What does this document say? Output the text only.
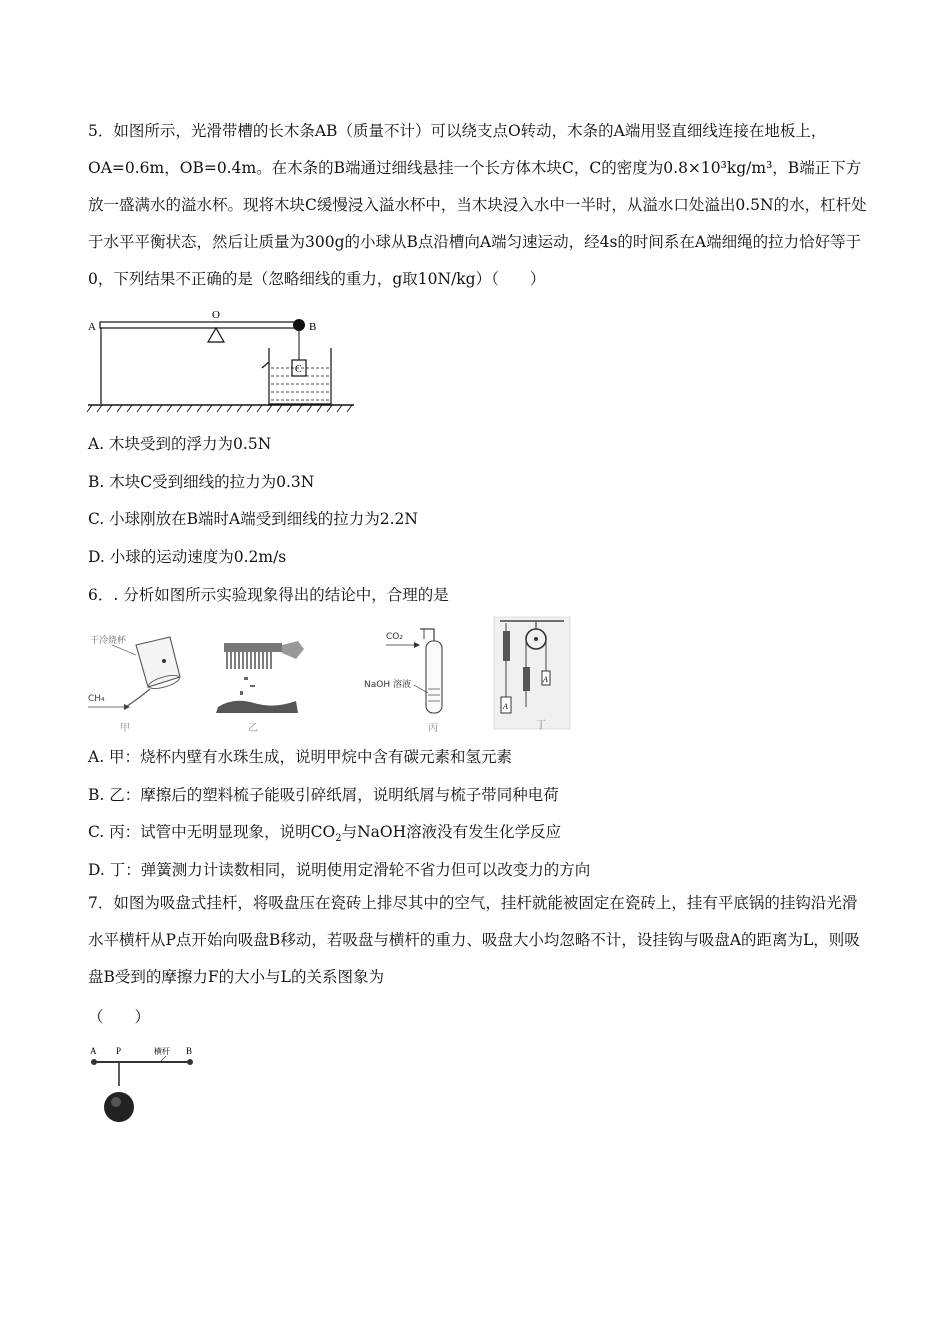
5．如图所示，光滑带槽的长木条AB（质量不计）可以绕支点O转动，木条的A端用竖直细线连接在地板上，OA=0.6m，OB=0.4m。在木条的B端通过细线悬挂一个长方体木块C，C的密度为0.8×10³kg/m³，B端正下方放一盛满水的溢水杯。现将木块C缓慢浸入溢水杯中，当木块浸入水中一半时，从溢水口处溢出0.5N的水，杠杆处于水平平衡状态，然后让质量为300g的小球从B点沿槽向A端匀速运动，经4s的时间系在A端细绳的拉力恰好等于0，下列结果不正确的是（忽略细线的重力，g取10N/kg）（　　）

A
O
B
C

A. 木块受到的浮力为0.5N

B. 木块C受到细线的拉力为0.3N

C. 小球刚放在B端时A端受到细线的拉力为2.2N

D. 小球的运动速度为0.2m/s

6．. 分析如图所示实验现象得出的结论中，合理的是

干冷烧杯
CH₄
甲	乙
CO₂
NaOH 溶液
丙
A
A
丁

A. 甲：烧杯内壁有水珠生成，说明甲烷中含有碳元素和氢元素

B. 乙：摩擦后的塑料梳子能吸引碎纸屑，说明纸屑与梳子带同种电荷

C. 丙：试管中无明显现象，说明$CO_2$与NaOH溶液没有发生化学反应

D. 丁：弹簧测力计读数相同，说明使用定滑轮不省力但可以改变力的方向

7．如图为吸盘式挂杆，将吸盘压在瓷砖上排尽其中的空气，挂杆就能被固定在瓷砖上，挂有平底锅的挂钩沿光滑水平横杆从P点开始向吸盘B移动，若吸盘与横杆的重力、吸盘大小均忽略不计，设挂钩与吸盘A的距离为L，则吸盘B受到的摩擦力F的大小与L的关系图象为

（　　）

A P	横杆 B
